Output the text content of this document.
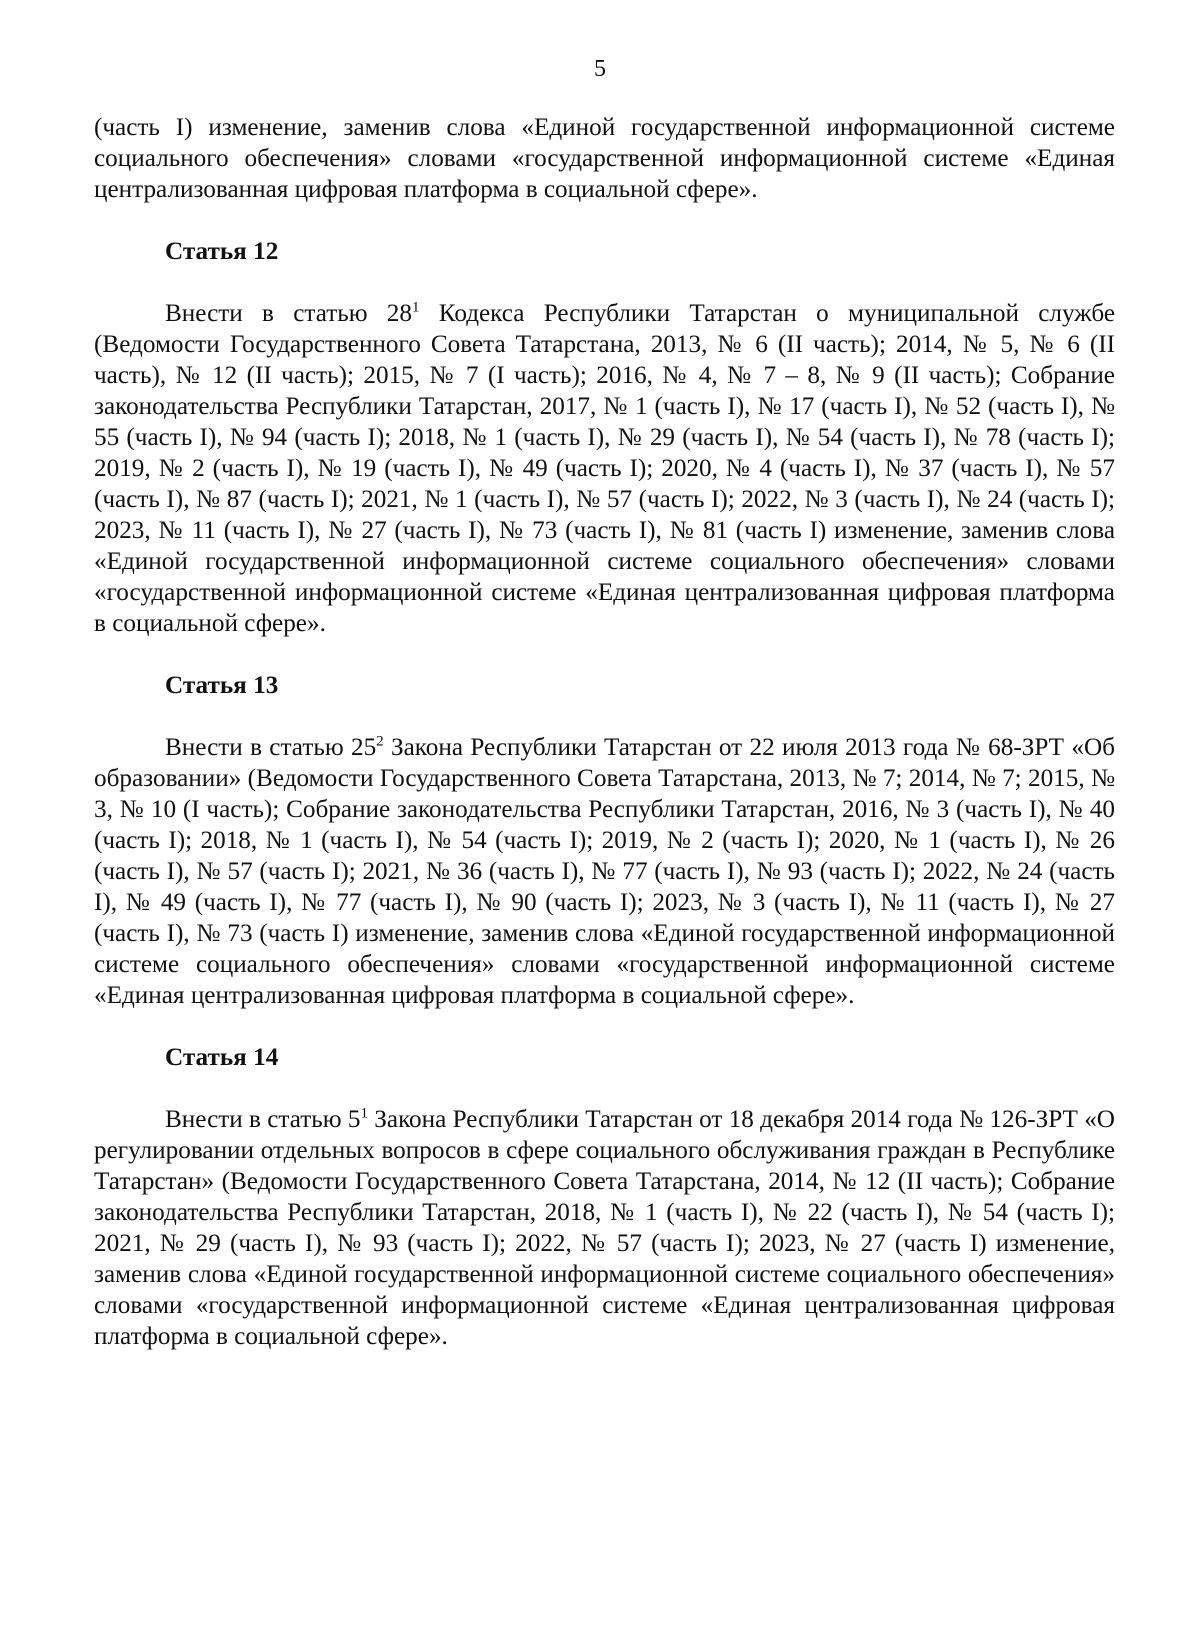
5

(часть I) изменение, заменив слова «Единой государственной информационной системе социального обеспечения» словами «государственной информационной системе «Единая централизованная цифровая платформа в социальной сфере».

Статья 12

Внести в статью $28^1$ Кодекса Республики Татарстан о муниципальной службе (Ведомости Государственного Совета Татарстана, 2013, № 6 (II часть); 2014, № 5, № 6 (II часть), № 12 (II часть); 2015, № 7 (I часть); 2016, № 4, № 7 – 8, № 9 (II часть); Собрание законодательства Республики Татарстан, 2017, № 1 (часть I), № 17 (часть I), № 52 (часть I), № 55 (часть I), № 94 (часть I); 2018, № 1 (часть I), № 29 (часть I), № 54 (часть I), № 78 (часть I); 2019, № 2 (часть I), № 19 (часть I), № 49 (часть I); 2020, № 4 (часть I), № 37 (часть I), № 57 (часть I), № 87 (часть I); 2021, № 1 (часть I), № 57 (часть I); 2022, № 3 (часть I), № 24 (часть I); 2023, № 11 (часть I), № 27 (часть I), № 73 (часть I), № 81 (часть I) изменение, заменив слова «Единой государственной информационной системе социального обеспечения» словами «государственной информационной системе «Единая централизованная цифровая платформа в социальной сфере».

Статья 13

Внести в статью $25^2$ Закона Республики Татарстан от 22 июля 2013 года № 68-ЗРТ «Об образовании» (Ведомости Государственного Совета Татарстана, 2013, № 7; 2014, № 7; 2015, № 3, № 10 (I часть); Собрание законодательства Республики Татарстан, 2016, № 3 (часть I), № 40 (часть I); 2018, № 1 (часть I), № 54 (часть I); 2019, № 2 (часть I); 2020, № 1 (часть I), № 26 (часть I), № 57 (часть I); 2021, № 36 (часть I), № 77 (часть I), № 93 (часть I); 2022, № 24 (часть I), № 49 (часть I), № 77 (часть I), № 90 (часть I); 2023, № 3 (часть I), № 11 (часть I), № 27 (часть I), № 73 (часть I) изменение, заменив слова «Единой государственной информационной системе социального обеспечения» словами «государственной информационной системе «Единая централизованная цифровая платформа в социальной сфере».

Статья 14

Внести в статью $5^1$ Закона Республики Татарстан от 18 декабря 2014 года № 126-ЗРТ «О регулировании отдельных вопросов в сфере социального обслуживания граждан в Республике Татарстан» (Ведомости Государственного Совета Татарстана, 2014, № 12 (II часть); Собрание законодательства Республики Татарстан, 2018, № 1 (часть I), № 22 (часть I), № 54 (часть I); 2021, № 29 (часть I), № 93 (часть I); 2022, № 57 (часть I); 2023, № 27 (часть I) изменение, заменив слова «Единой государственной информационной системе социального обеспечения» словами «государственной информационной системе «Единая централизованная цифровая платформа в социальной сфере».
